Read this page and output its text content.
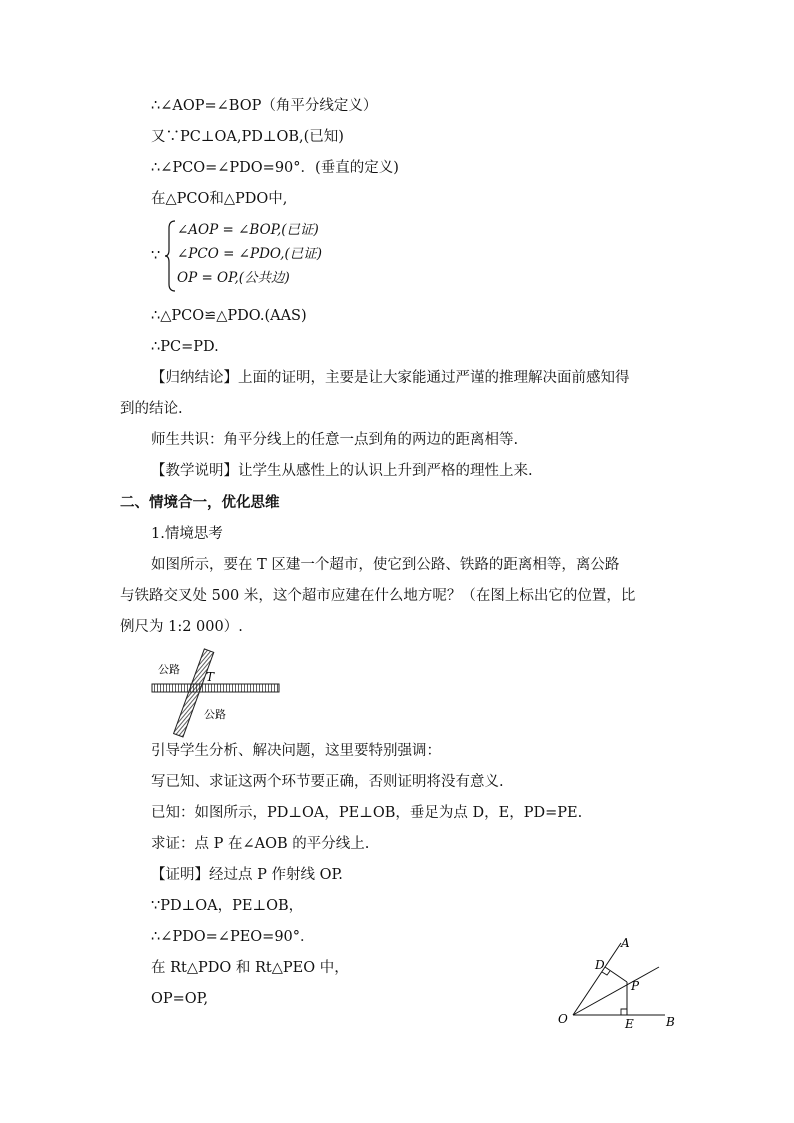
∴∠AOP=∠BOP（角平分线定义）
又∵PC⊥OA,PD⊥OB,(已知)
∴∠PCO=∠PDO=90°．(垂直的定义)
在△PCO和△PDO中,
∵
∠AOP = ∠BOP,(已证)
∠PCO = ∠PDO,(已证)
OP = OP,(公共边)
∴△PCO≌△PDO.(AAS)
∴PC=PD.
【归纳结论】上面的证明，主要是让大家能通过严谨的推理解决面前感知得
到的结论.
师生共识：角平分线上的任意一点到角的两边的距离相等.
【教学说明】让学生从感性上的认识上升到严格的理性上来.
二、情境合一，优化思维
1.情境思考
如图所示，要在 T 区建一个超市，使它到公路、铁路的距离相等，离公路
与铁路交叉处 500 米，这个超市应建在什么地方呢？（在图上标出它的位置，比
例尺为 1:2 000）.
公路
T
公路
引导学生分析、解决问题，这里要特别强调：
写已知、求证这两个环节要正确，否则证明将没有意义.
已知：如图所示，PD⊥OA，PE⊥OB，垂足为点 D，E，PD=PE.
求证：点 P 在∠AOB 的平分线上.
【证明】经过点 P 作射线 OP.
∵PD⊥OA，PE⊥OB，
∴∠PDO=∠PEO=90°．
在 Rt△PDO 和 Rt△PEO 中，
OP=OP,
A
D
P
O	E	B
